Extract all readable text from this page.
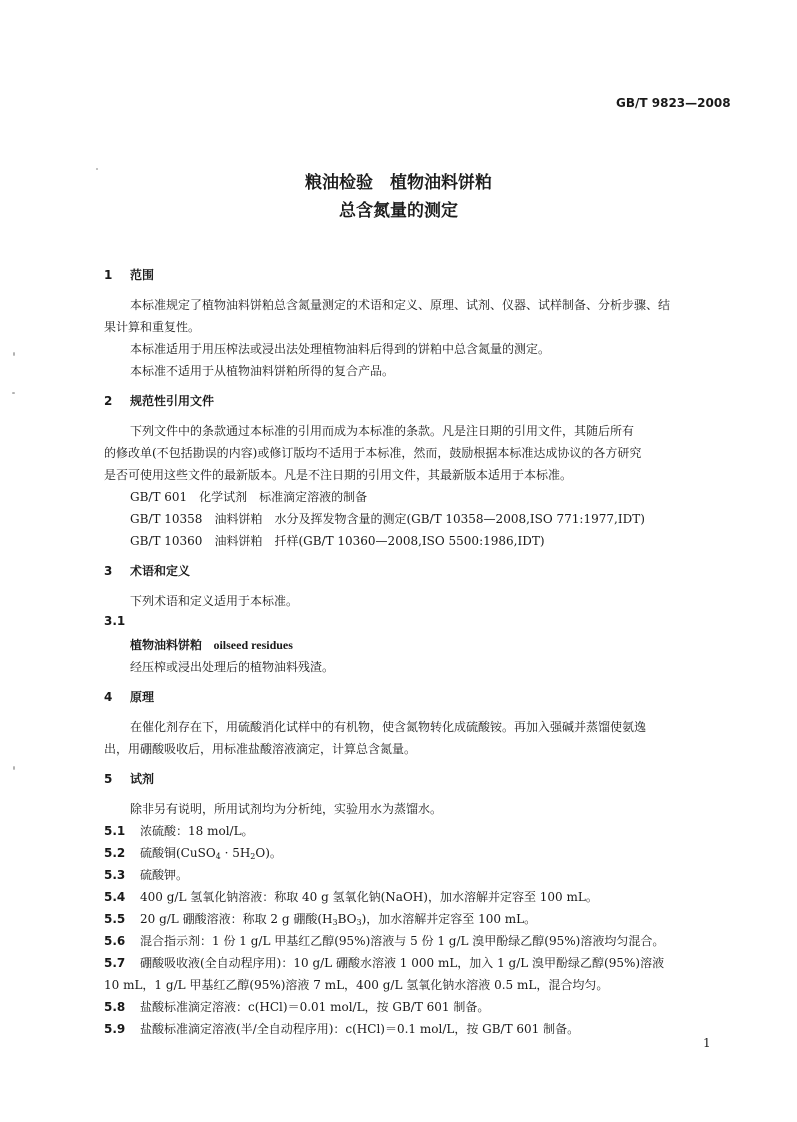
GB/T 9823—2008
粮油检验　植物油料饼粕
总含氮量的测定
1 范围
本标准规定了植物油料饼粕总含氮量测定的术语和定义、原理、试剂、仪器、试样制备、分析步骤、结
果计算和重复性。
本标准适用于用压榨法或浸出法处理植物油料后得到的饼粕中总含氮量的测定。
本标准不适用于从植物油料饼粕所得的复合产品。
2 规范性引用文件
下列文件中的条款通过本标准的引用而成为本标准的条款。凡是注日期的引用文件，其随后所有
的修改单(不包括勘误的内容)或修订版均不适用于本标准，然而，鼓励根据本标准达成协议的各方研究
是否可使用这些文件的最新版本。凡是不注日期的引用文件，其最新版本适用于本标准。
GB/T 601　化学试剂　标准滴定溶液的制备
GB/T 10358　油料饼粕　水分及挥发物含量的测定(GB/T 10358—2008,ISO 771:1977,IDT)
GB/T 10360　油料饼粕　扦样(GB/T 10360—2008,ISO 5500:1986,IDT)
3 术语和定义
下列术语和定义适用于本标准。
3.1
植物油料饼粕 oilseed residues
经压榨或浸出处理后的植物油料残渣。
4 原理
在催化剂存在下，用硫酸消化试样中的有机物，使含氮物转化成硫酸铵。再加入强碱并蒸馏使氨逸
出，用硼酸吸收后，用标准盐酸溶液滴定，计算总含氮量。
5 试剂
除非另有说明，所用试剂均为分析纯，实验用水为蒸馏水。
5.1 浓硫酸：18 mol/L。
5.2 硫酸铜(CuSO$_4$ · $5H_2O$)。
5.3 硫酸钾。
5.4 400 g/L 氢氧化钠溶液：称取 40 g 氢氧化钠(NaOH)，加水溶解并定容至 100 mL。
5.5 20 g/L 硼酸溶液：称取 2 g 硼酸$(H_3BO_3)$，加水溶解并定容至 100 mL。
5.6 混合指示剂：1 份 1 g/L 甲基红乙醇(95%)溶液与 5 份 1 g/L 溴甲酚绿乙醇(95%)溶液均匀混合。
5.7 硼酸吸收液(全自动程序用)：10 g/L 硼酸水溶液 1 000 mL，加入 1 g/L 溴甲酚绿乙醇(95%)溶液
10 mL，1 g/L 甲基红乙醇(95%)溶液 7 mL，400 g/L 氢氧化钠水溶液 0.5 mL，混合均匀。
5.8 盐酸标准滴定溶液：c(HCl)＝0.01 mol/L，按 GB/T 601 制备。
5.9 盐酸标准滴定溶液(半/全自动程序用)：c(HCl)＝0.1 mol/L，按 GB/T 601 制备。
1
